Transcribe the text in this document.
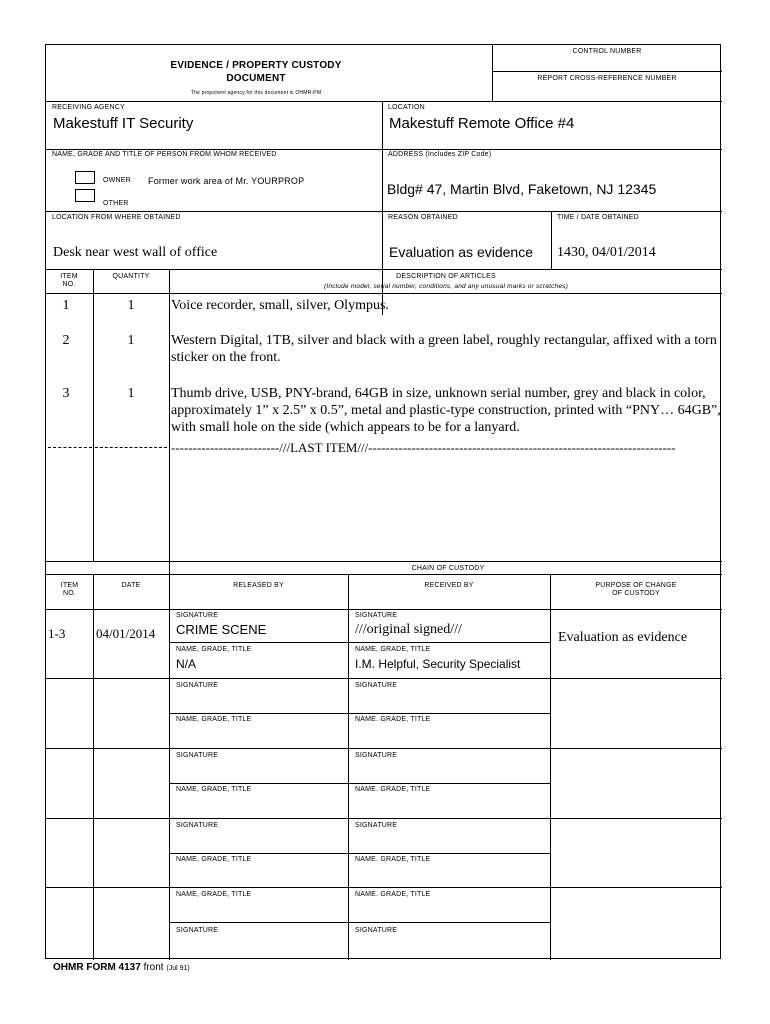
EVIDENCE / PROPERTY CUSTODY
DOCUMENT
The proponent agency for this document is OHMR-PM
CONTROL NUMBER
REPORT CROSS-REFERENCE NUMBER
RECEIVING AGENCY
Makestuff IT Security
LOCATION
Makestuff Remote Office #4
NAME, GRADE AND TITLE OF PERSON FROM WHOM RECEIVED
OWNER Former work area of Mr. YOURPROP
OTHER
ADDRESS (Includes ZIP Code)
Bldg# 47, Martin Blvd, Faketown, NJ 12345
LOCATION FROM WHERE OBTAINED
Desk near west wall of office
REASON OBTAINED
Evaluation as evidence
TIME / DATE OBTAINED
1430, 04/01/2014
ITEM
NO.
QUANTITY	DESCRIPTION OF ARTICLES
(Include model, serial number, conditions, and any unusual marks or scratches)
1	1	Voice recorder, small, silver, Olympus.
2	1	Western Digital, 1TB, silver and black with a green label, roughly rectangular, affixed with a torn sticker on the front.
3	1	Thumb drive, USB, PNY-brand, 64GB in size, unknown serial number, grey and black in color, approximately 1” x 2.5” x 0.5”, metal and plastic-type construction, printed with “PNY… 64GB”, with small hole on the side (which appears to be for a lanyard.
-------------------------///LAST ITEM///-----------------------------------------------------------------------
CHAIN OF CUSTODY
ITEM
NO.
DATE	RELEASED BY	RECEIVED BY	PURPOSE OF CHANGE
OF CUSTODY
1-3 04/01/2014
SIGNATURE
CRIME SCENE
SIGNATURE
///original signed///
NAME, GRADE, TITLE
N/A
NAME, GRADE, TITLE
I.M. Helpful, Security Specialist
Evaluation as evidence
SIGNATURE	SIGNATURE
NAME, GRADE, TITLE	NAME. GRADE, TITLE
SIGNATURE	SIGNATURE
NAME, GRADE, TITLE	NAME. GRADE, TITLE
SIGNATURE	SIGNATURE
NAME, GRADE, TITLE	NAME. GRADE, TITLE
NAME, GRADE, TITLE	NAME. GRADE, TITLE
SIGNATURE	SIGNATURE
OHMR FORM 4137 front (Jul 91)
